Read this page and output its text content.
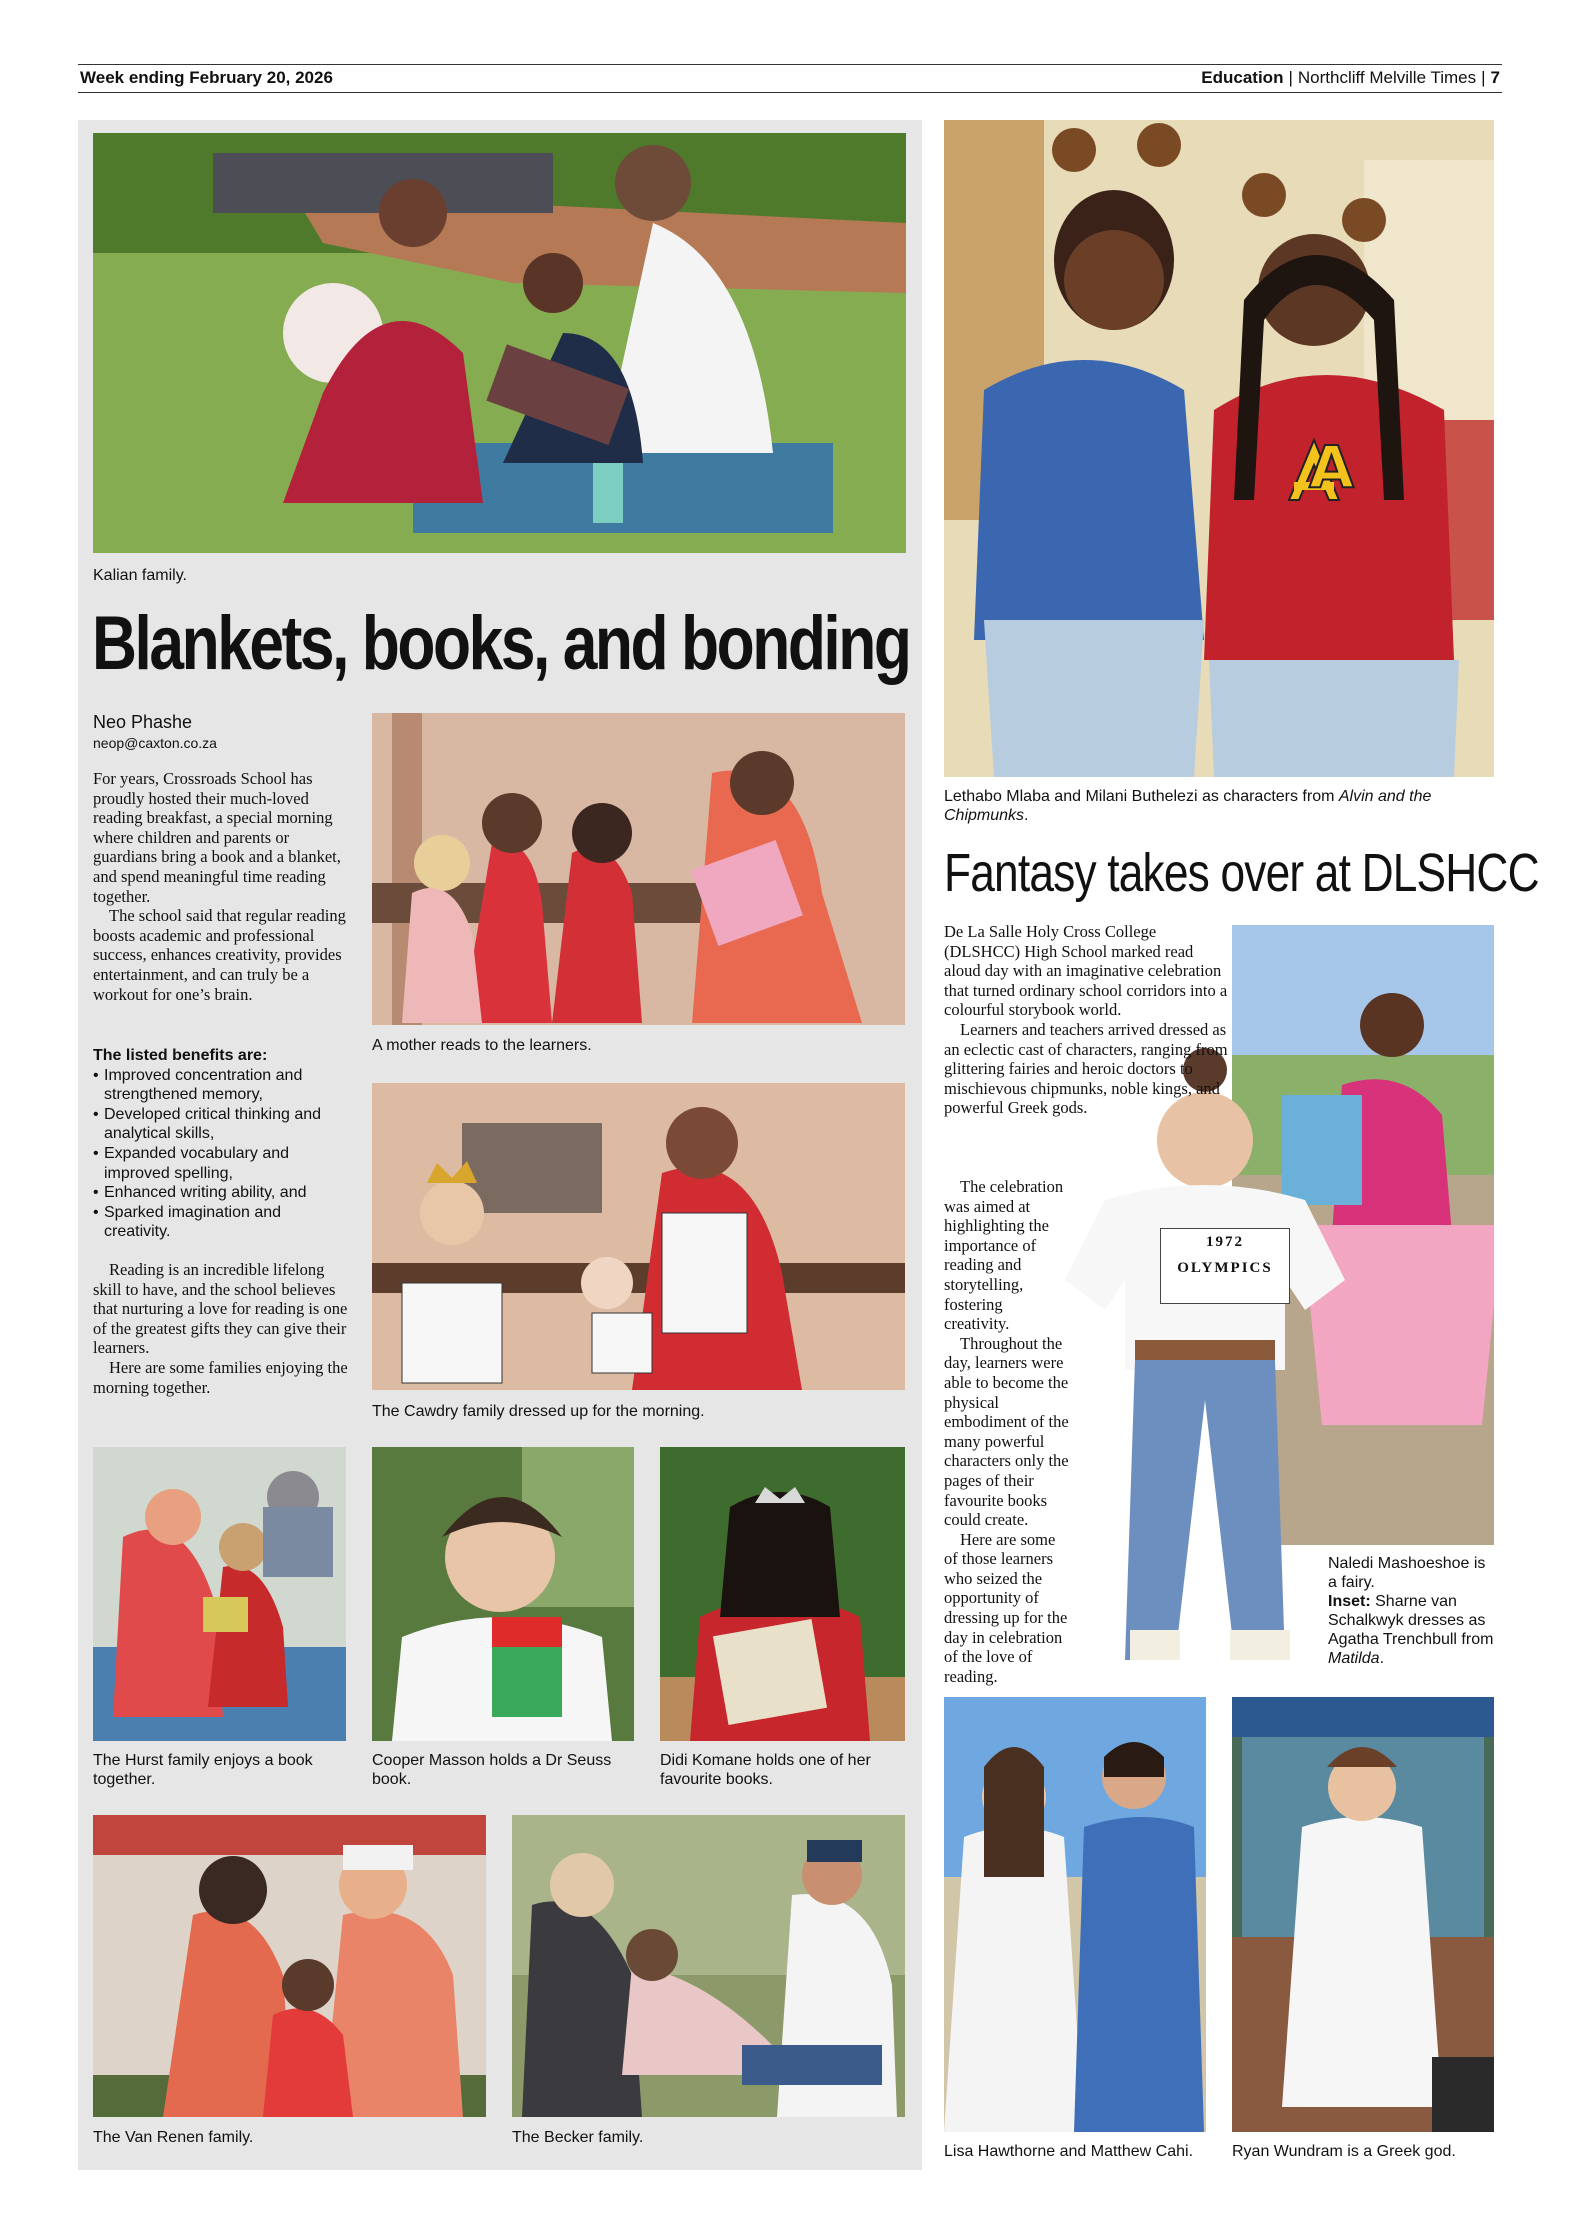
Week ending February 20, 2026	Education | Northcliff Melville Times | 7
Kalian family.
Blankets, books, and bonding
Neo Phashe
neop@caxton.co.za

For years, Crossroads School has proudly hosted their much-loved reading breakfast, a special morning where children and parents or guardians bring a book and a blanket, and spend meaningful time reading together.

The school said that regular reading boosts academic and professional success, enhances creativity, provides entertainment, and can truly be a workout for one’s brain.

The listed benefits are:
• Improved concentration and strengthened memory,
• Developed critical thinking and analytical skills,
• Expanded vocabulary and improved spelling,
• Enhanced writing ability, and
• Sparked imagination and creativity.

Reading is an incredible lifelong skill to have, and the school believes that nurturing a love for reading is one of the greatest gifts they can give their learners.

Here are some families enjoying the morning together.

A mother reads to the learners.
The Cawdry family dressed up for the morning.
The Hurst family enjoys a book together.
Cooper Masson holds a Dr Seuss book.
Didi Komane holds one of her favourite books.
The Van Renen family.	The Becker family.
A
Lethabo Mlaba and Milani Buthelezi as characters from Alvin and the Chipmunks.
Fantasy takes over at DLSHCC
1972
OLYMPICS

De La Salle Holy Cross College (DLSHCC) High School marked read aloud day with an imaginative celebration that turned ordinary school corridors into a colourful storybook world.

Learners and teachers arrived dressed as an eclectic cast of characters, ranging from glittering fairies and heroic doctors to mischievous chipmunks, noble kings, and powerful Greek gods.

The celebration was aimed at highlighting the importance of reading and storytelling, fostering creativity.

Throughout the day, learners were able to become the physical embodiment of the many powerful characters only the pages of their favourite books could create.

Here are some of those learners who seized the opportunity of dressing up for the day in celebration of the love of reading.

Naledi Mashoeshoe is a fairy.
Inset: Sharne van Schalkwyk dresses as Agatha Trenchbull from Matilda.
Lisa Hawthorne and Matthew Cahi. Ryan Wundram is a Greek god.
